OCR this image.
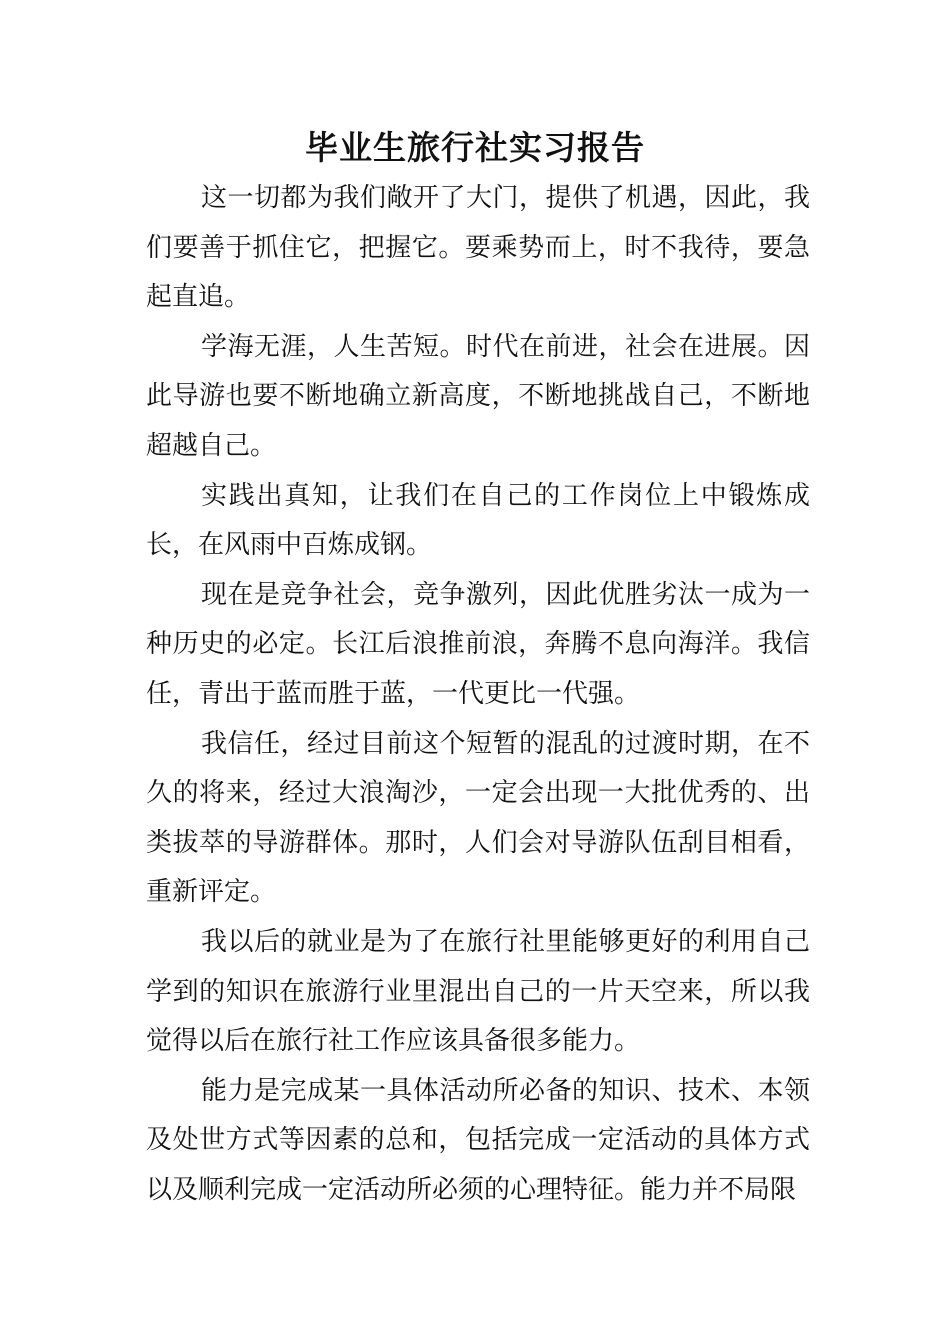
毕业生旅行社实习报告

这一切都为我们敞开了大门，提供了机遇，因此，我们要善于抓住它，把握它。要乘势而上，时不我待，要急起直追。

学海无涯，人生苦短。时代在前进，社会在进展。因此导游也要不断地确立新高度，不断地挑战自己，不断地超越自己。

实践出真知，让我们在自己的工作岗位上中锻炼成长，在风雨中百炼成钢。

现在是竞争社会，竞争激列，因此优胜劣汰一成为一种历史的必定。长江后浪推前浪，奔腾不息向海洋。我信任，青出于蓝而胜于蓝，一代更比一代强。

我信任，经过目前这个短暂的混乱的过渡时期，在不久的将来，经过大浪淘沙，一定会出现一大批优秀的、出类拔萃的导游群体。那时，人们会对导游队伍刮目相看，重新评定。

我以后的就业是为了在旅行社里能够更好的利用自己学到的知识在旅游行业里混出自己的一片天空来，所以我觉得以后在旅行社工作应该具备很多能力。

能力是完成某一具体活动所必备的知识、技术、本领及处世方式等因素的总和，包括完成一定活动的具体方式以及顺利完成一定活动所必须的心理特征。能力并不局限
